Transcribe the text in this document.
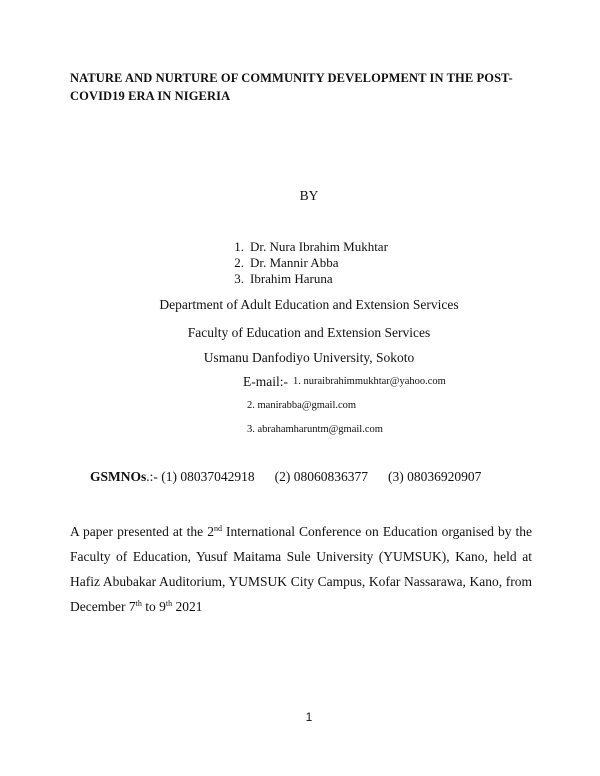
NATURE AND NURTURE OF COMMUNITY DEVELOPMENT IN THE POST-COVID19 ERA IN NIGERIA
BY
1. Dr. Nura Ibrahim Mukhtar
2. Dr. Mannir Abba
3. Ibrahim Haruna
Department of Adult Education and Extension Services
Faculty of Education and Extension Services
Usmanu Danfodiyo University, Sokoto
E-mail:- 1. nuraibrahimmukhtar@yahoo.com
2. manirabba@gmail.com
3. abrahamharuntm@gmail.com
GSMNOs.:- (1) 08037042918 (2) 08060836377 (3) 08036920907
A paper presented at the 2nd International Conference on Education organised by the Faculty of Education, Yusuf Maitama Sule University (YUMSUK), Kano, held at Hafiz Abubakar Auditorium, YUMSUK City Campus, Kofar Nassarawa, Kano, from December 7th to 9th 2021
1
